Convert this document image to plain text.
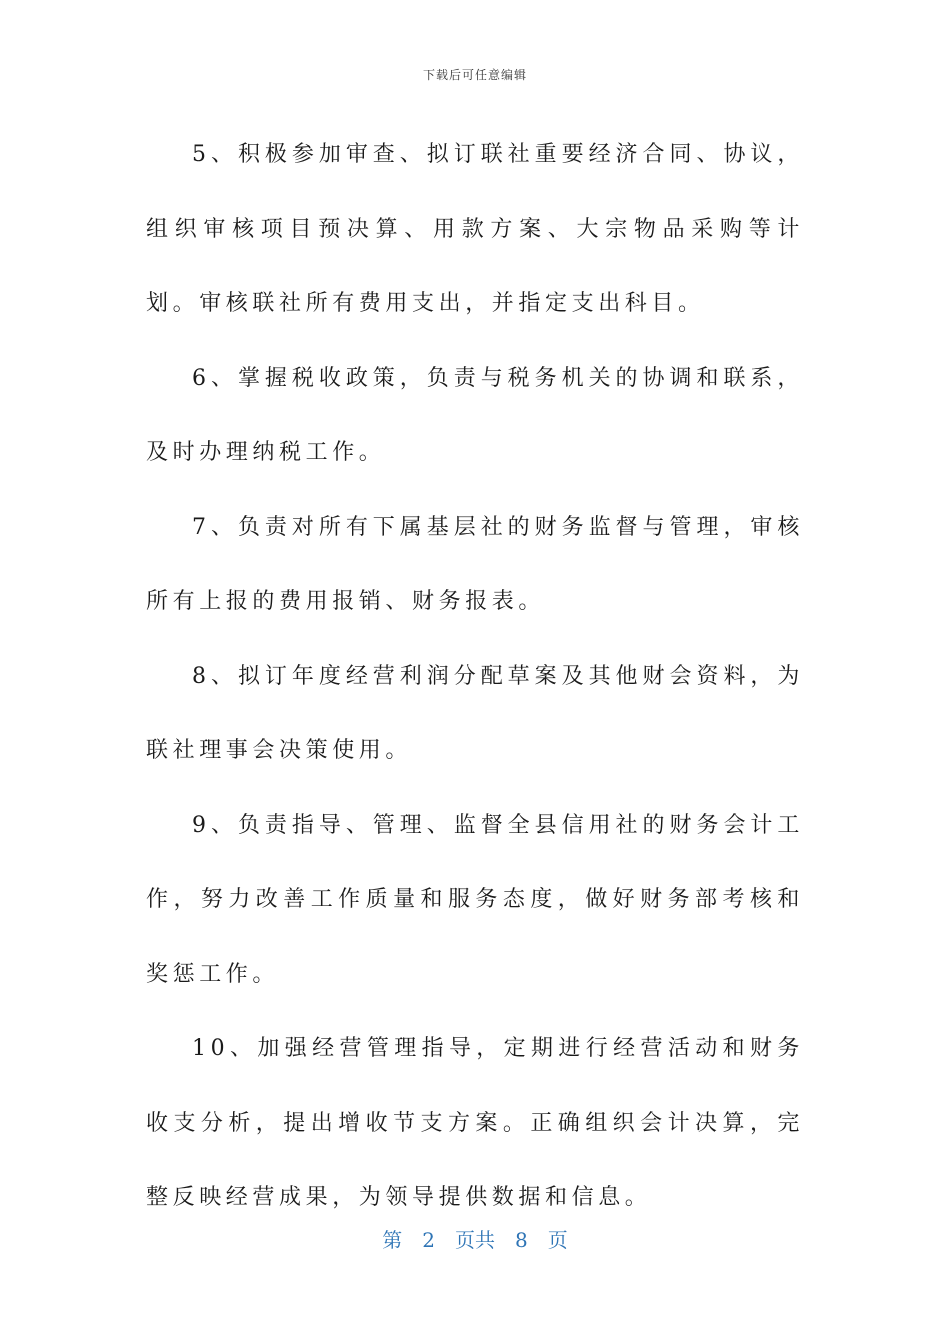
下载后可任意编辑

5、积极参加审查、拟订联社重要经济合同、协议，组织审核项目预决算、用款方案、大宗物品采购等计划。审核联社所有费用支出，并指定支出科目。

6、掌握税收政策，负责与税务机关的协调和联系，及时办理纳税工作。

7、负责对所有下属基层社的财务监督与管理，审核所有上报的费用报销、财务报表。

8、拟订年度经营利润分配草案及其他财会资料，为联社理事会决策使用。

9、负责指导、管理、监督全县信用社的财务会计工作，努力改善工作质量和服务态度，做好财务部考核和奖惩工作。

10、加强经营管理指导，定期进行经营活动和财务收支分析，提出增收节支方案。正确组织会计决算，完整反映经营成果，为领导提供数据和信息。

第 2 页共 8 页
